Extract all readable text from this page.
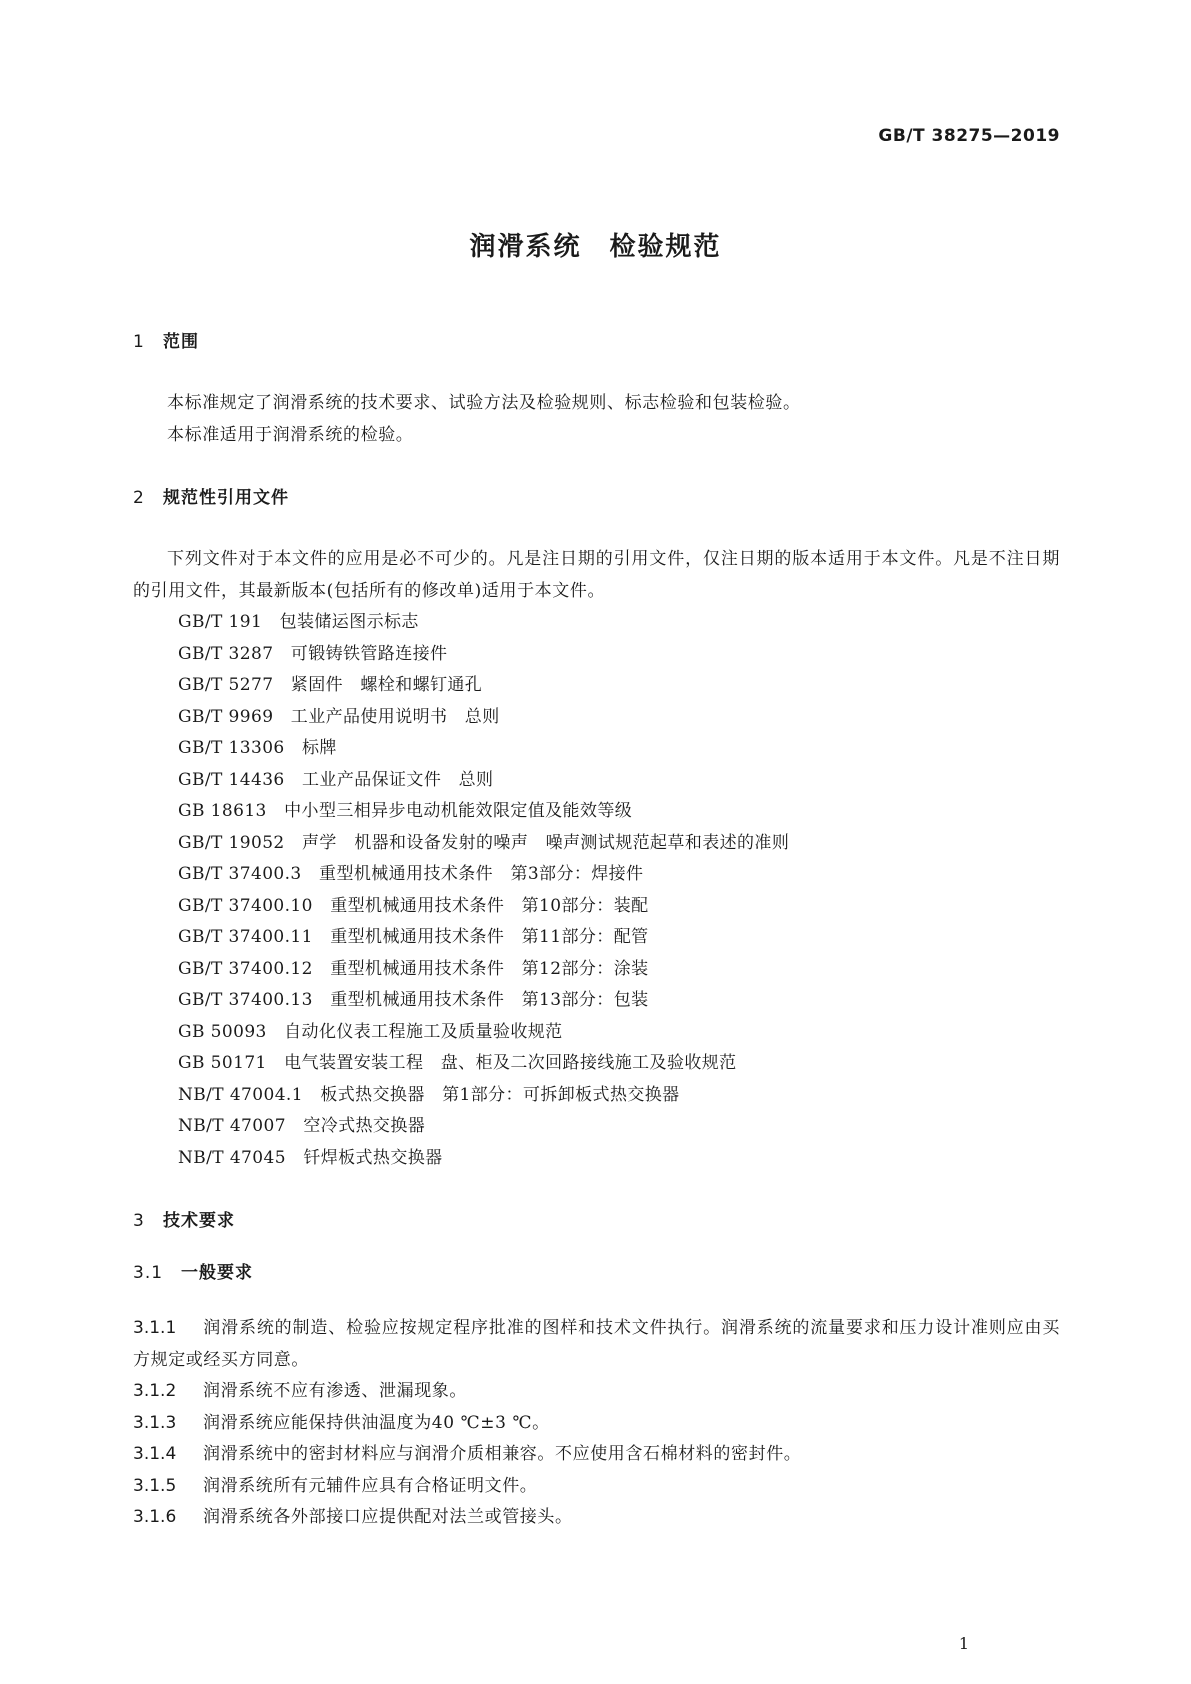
GB/T 38275—2019
润滑系统　检验规范
1 范围

本标准规定了润滑系统的技术要求、试验方法及检验规则、标志检验和包装检验。

本标准适用于润滑系统的检验。

2 规范性引用文件

下列文件对于本文件的应用是必不可少的。凡是注日期的引用文件，仅注日期的版本适用于本文件。凡是不注日期的引用文件，其最新版本(包括所有的修改单)适用于本文件。

GB/T 191　包装储运图示标志
GB/T 3287　可锻铸铁管路连接件
GB/T 5277　紧固件　螺栓和螺钉通孔
GB/T 9969　工业产品使用说明书　总则
GB/T 13306　标牌
GB/T 14436　工业产品保证文件　总则
GB 18613　中小型三相异步电动机能效限定值及能效等级
GB/T 19052　声学　机器和设备发射的噪声　噪声测试规范起草和表述的准则
GB/T 37400.3　重型机械通用技术条件　第3部分：焊接件
GB/T 37400.10　重型机械通用技术条件　第10部分：装配
GB/T 37400.11　重型机械通用技术条件　第11部分：配管
GB/T 37400.12　重型机械通用技术条件　第12部分：涂装
GB/T 37400.13　重型机械通用技术条件　第13部分：包装
GB 50093　自动化仪表工程施工及质量验收规范
GB 50171　电气装置安装工程　盘、柜及二次回路接线施工及验收规范
NB/T 47004.1　板式热交换器　第1部分：可拆卸板式热交换器
NB/T 47007　空冷式热交换器
NB/T 47045　钎焊板式热交换器
3 技术要求
3.1 一般要求

3.1.1 润滑系统的制造、检验应按规定程序批准的图样和技术文件执行。润滑系统的流量要求和压力设计准则应由买方规定或经买方同意。

3.1.2 润滑系统不应有渗透、泄漏现象。

3.1.3 润滑系统应能保持供油温度为40 ℃±3 ℃。

3.1.4 润滑系统中的密封材料应与润滑介质相兼容。不应使用含石棉材料的密封件。

3.1.5 润滑系统所有元辅件应具有合格证明文件。

3.1.6 润滑系统各外部接口应提供配对法兰或管接头。

1
